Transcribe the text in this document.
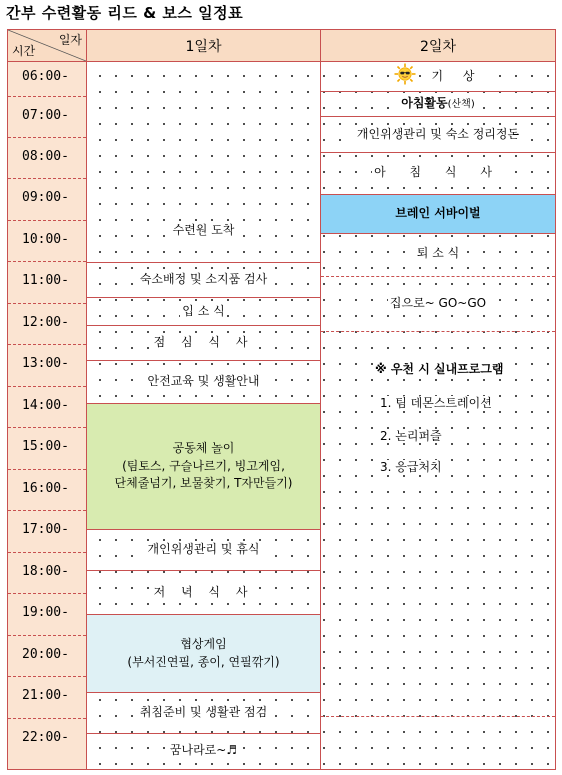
간부 수련활동 리드 & 보스 일정표
일자
시간	1일차	2일차
06:00-
07:00-
08:00-
09:00-
10:00-
11:00-
12:00-
13:00-
14:00-
15:00-
16:00-
17:00-
18:00-
19:00-
20:00-
21:00-
22:00-
수련원 도착
숙소배정 및 소지품 검사
입 소 식
점 심 식 사
안전교육 및 생활안내
공동체 놀이
(팀토스, 구슬나르기, 빙고게임,
단체줄넘기, 보물찾기, T자만들기)
개인위생관리 및 휴식
저 녁 식 사
협상게임
(부서진연필, 종이, 연필깎기)
취침준비 및 생활관 점검
꿈나라로~♬
기 상
아침활동(산책)
개인위생관리 및 숙소 정리정돈
아 침 식 사
브레인 서바이벌
퇴 소 식
집으로~ GO~GO
※ 우천 시 실내프로그램
1. 팀 데몬스트레이션
2. 논리퍼즐
3. 응급처치
